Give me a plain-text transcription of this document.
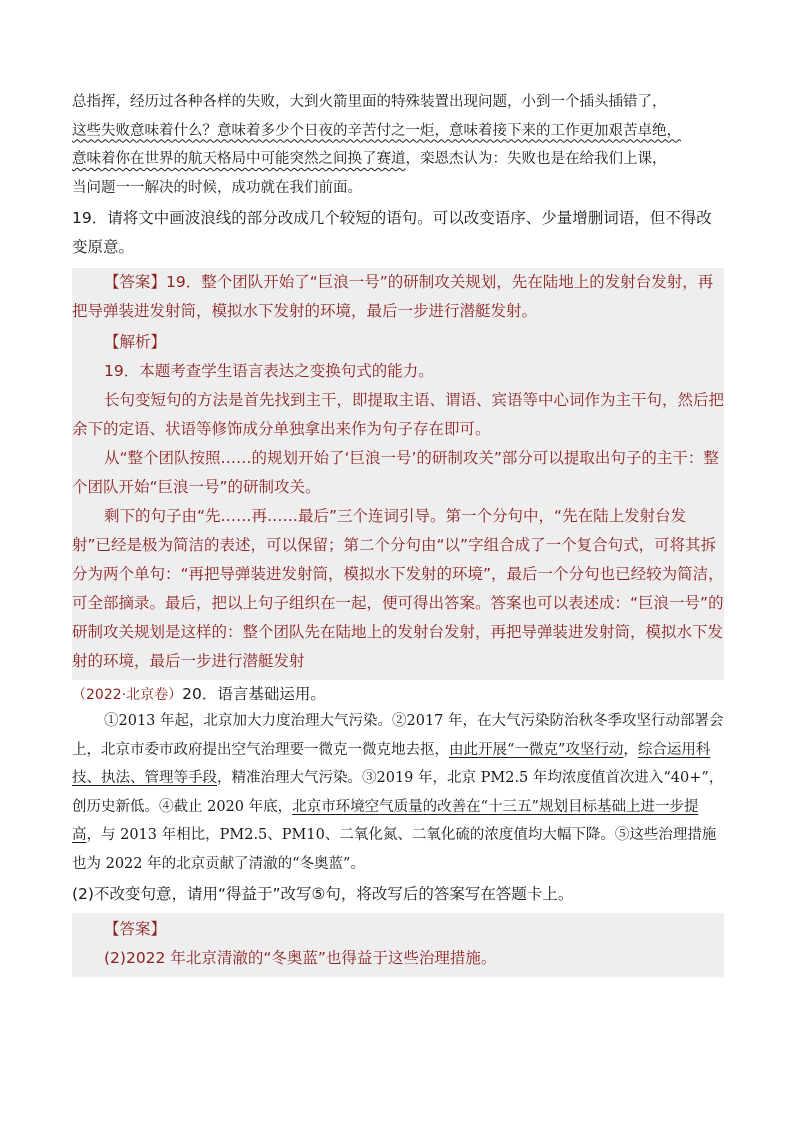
总指挥，经历过各种各样的失败，大到火箭里面的特殊装置出现问题，小到一个插头插错了，

这些失败意味着什么？意味着多少个日夜的辛苦付之一炬，意味着接下来的工作更加艰苦卓绝，

意味着你在世界的航天格局中可能突然之间换了赛道，栾恩杰认为：失败也是在给我们上课，

当问题一一解决的时候，成功就在我们前面。

19．请将文中画波浪线的部分改成几个较短的语句。可以改变语序、少量增删词语，但不得改变原意。

【答案】19．整个团队开始了“巨浪一号”的研制攻关规划，先在陆地上的发射台发射，再把导弹装进发射筒，模拟水下发射的环境，最后一步进行潜艇发射。

【解析】

19．本题考查学生语言表达之变换句式的能力。

长句变短句的方法是首先找到主干，即提取主语、谓语、宾语等中心词作为主干句，然后把余下的定语、状语等修饰成分单独拿出来作为句子存在即可。

从“整个团队按照……的规划开始了‘巨浪一号’的研制攻关”部分可以提取出句子的主干：整个团队开始“巨浪一号”的研制攻关。

剩下的句子由“先……再……最后”三个连词引导。第一个分句中，“先在陆上发射台发射”已经是极为简洁的表述，可以保留；第二个分句由“以”字组合成了一个复合句式，可将其拆分为两个单句：“再把导弹装进发射筒，模拟水下发射的环境”，最后一个分句也已经较为简洁，可全部摘录。最后，把以上句子组织在一起，便可得出答案。答案也可以表述成：“巨浪一号”的研制攻关规划是这样的：整个团队先在陆地上的发射台发射，再把导弹装进发射筒，模拟水下发射的环境，最后一步进行潜艇发射

（2022·北京卷）20．语言基础运用。

①2013 年起，北京加大力度治理大气污染。②2017 年，在大气污染防治秋冬季攻坚行动部署会上，北京市委市政府提出空气治理要一微克一微克地去抠，由此开展“一微克”攻坚行动，综合运用科技、执法、管理等手段，精准治理大气污染。③2019 年，北京 PM2.5 年均浓度值首次进入“40+”，创历史新低。④截止 2020 年底，北京市环境空气质量的改善在“十三五”规划目标基础上进一步提高，与 2013 年相比，PM2.5、PM10、二氧化氮、二氧化硫的浓度值均大幅下降。⑤这些治理措施也为 2022 年的北京贡献了清澈的“冬奥蓝”。

(2)不改变句意，请用“得益于”改写⑤句，将改写后的答案写在答题卡上。

【答案】

(2)2022 年北京清澈的“冬奥蓝”也得益于这些治理措施。
